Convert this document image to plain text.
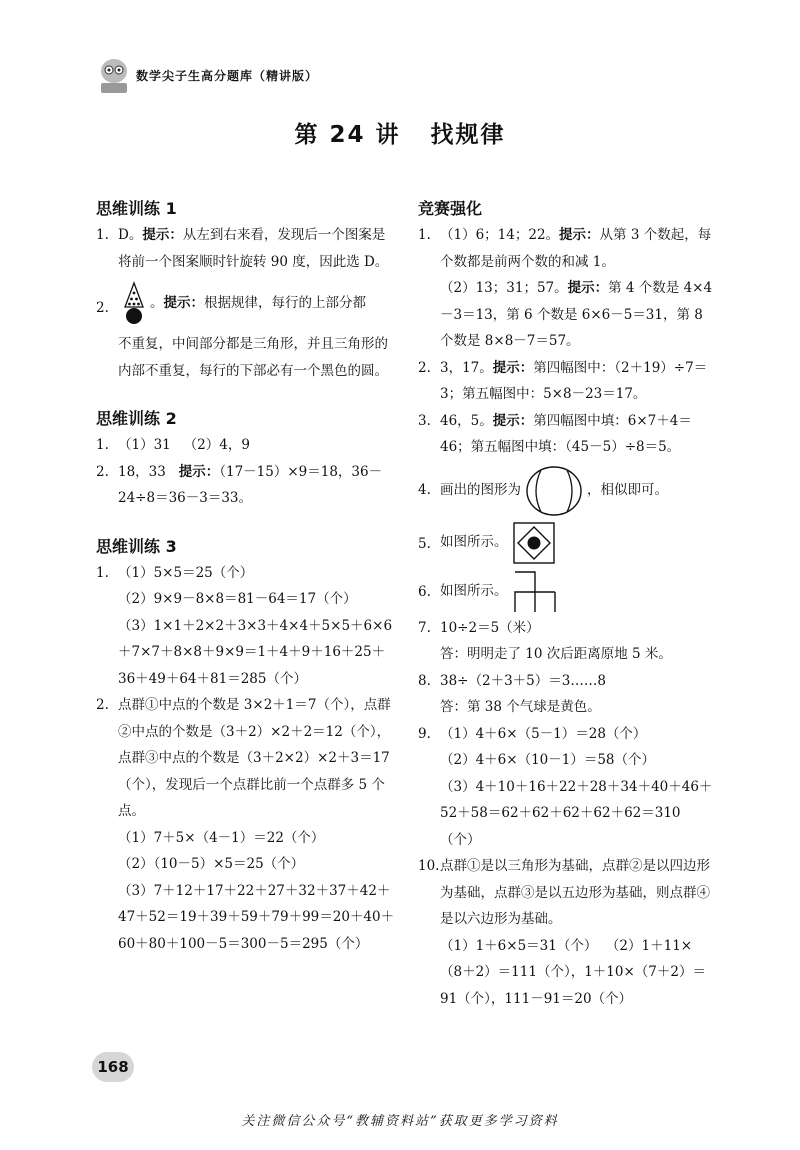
数学尖子生高分题库（精讲版）
第 24 讲   找规律
思维训练 1
1. D。提示：从左到右来看，发现后一个图案是将前一个图案顺时针旋转 90 度，因此选 D。

2.	。 提示： 根据规律，每行的上部分都

不重复，中间部分都是三角形，并且三角形的内部不重复，每行的下部必有一个黑色的圆。

思维训练 2
1. （1）31   （2）4，9

2. 18，33   提示：（17－15）×9＝18，36－24÷8＝36－3＝33。

思维训练 3
1. （1）5×5＝25（个）

（2）9×9－8×8＝81－64＝17（个）

（3）1×1＋2×2＋3×3＋4×4＋5×5＋6×6＋7×7＋8×8＋9×9＝1＋4＋9＋16＋25＋36＋49＋64＋81＝285（个）

2. 点群①中点的个数是 3×2＋1＝7（个），点群②中点的个数是（3＋2）×2＋2＝12（个），点群③中点的个数是（3＋2×2）×2＋3＝17（个），发现后一个点群比前一个点群多 5 个点。

（1）7＋5×（4－1）＝22（个）

（2）（10－5）×5＝25（个）

（3）7＋12＋17＋22＋27＋32＋37＋42＋47＋52＝19＋39＋59＋79＋99＝20＋40＋60＋80＋100－5＝300－5＝295（个）

竞赛强化
1. （1）6；14；22。提示：从第 3 个数起，每个数都是前两个数的和减 1。

（2）13；31；57。提示：第 4 个数是 4×4－3＝13，第 6 个数是 6×6－5＝31，第 8 个数是 8×8－7＝57。

2. 3，17。提示：第四幅图中：（2＋19）÷7＝3；第五幅图中：5×8－23＝17。

3. 46，5。提示：第四幅图中填：6×7＋4＝46；第五幅图中填：（45－5）÷8＝5。

4. 画出的图形为	，相似即可。

5. 如图所示。

6. 如图所示。

7. 10÷2＝5（米）

答：明明走了 10 次后距离原地 5 米。

8. 38÷（2＋3＋5）＝3……8

答：第 38 个气球是黄色。

9. （1）4＋6×（5－1）＝28（个）

（2）4＋6×（10－1）＝58（个）

（3）4＋10＋16＋22＋28＋34＋40＋46＋52＋58＝62＋62＋62＋62＋62＝310（个）

10. 点群①是以三角形为基础，点群②是以四边形为基础，点群③是以五边形为基础，则点群④是以六边形为基础。

（1）1＋6×5＝31（个）  （2）1＋11×（8＋2）＝111（个），1＋10×（7＋2）＝91（个），111－91＝20（个）

168
关注微信公众号“教辅资料站”获取更多学习资料
